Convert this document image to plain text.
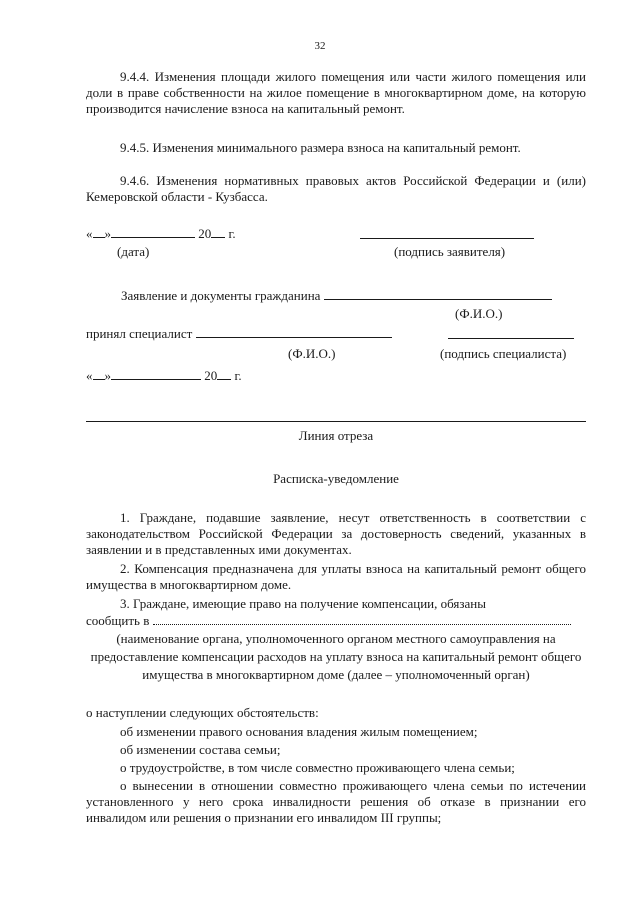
32
9.4.4. Изменения площади жилого помещения или части жилого помещения или доли в праве собственности на жилое помещение в многоквартирном доме, на которую производится начисление взноса на капитальный ремонт.
9.4.5. Изменения минимального размера взноса на капитальный ремонт.
9.4.6. Изменения нормативных правовых актов Российской Федерации и (или) Кемеровской области - Кузбасса.
« »	20 г.
(дата)	(подпись заявителя)
Заявление и документы гражданина
(Ф.И.О.)
принял специалист
(Ф.И.О.)	(подпись специалиста)
« »	20 г.
Линия отреза
Расписка-уведомление
1. Граждане, подавшие заявление, несут ответственность в соответствии с законодательством Российской Федерации за достоверность сведений, указанных в заявлении и в представленных ими документах.
2. Компенсация предназначена для уплаты взноса на капитальный ремонт общего имущества в многоквартирном доме.
3. Граждане, имеющие право на получение компенсации, обязаны
сообщить в
(наименование органа, уполномоченного органом местного самоуправления на предоставление компенсации расходов на уплату взноса на капитальный ремонт общего имущества в многоквартирном доме (далее – уполномоченный орган)
о наступлении следующих обстоятельств:
об изменении правого основания владения жилым помещением;
об изменении состава семьи;
о трудоустройстве, в том числе совместно проживающего члена семьи;
о вынесении в отношении совместно проживающего члена семьи по истечении установленного у него срока инвалидности решения об отказе в признании его инвалидом или решения о признании его инвалидом III группы;
